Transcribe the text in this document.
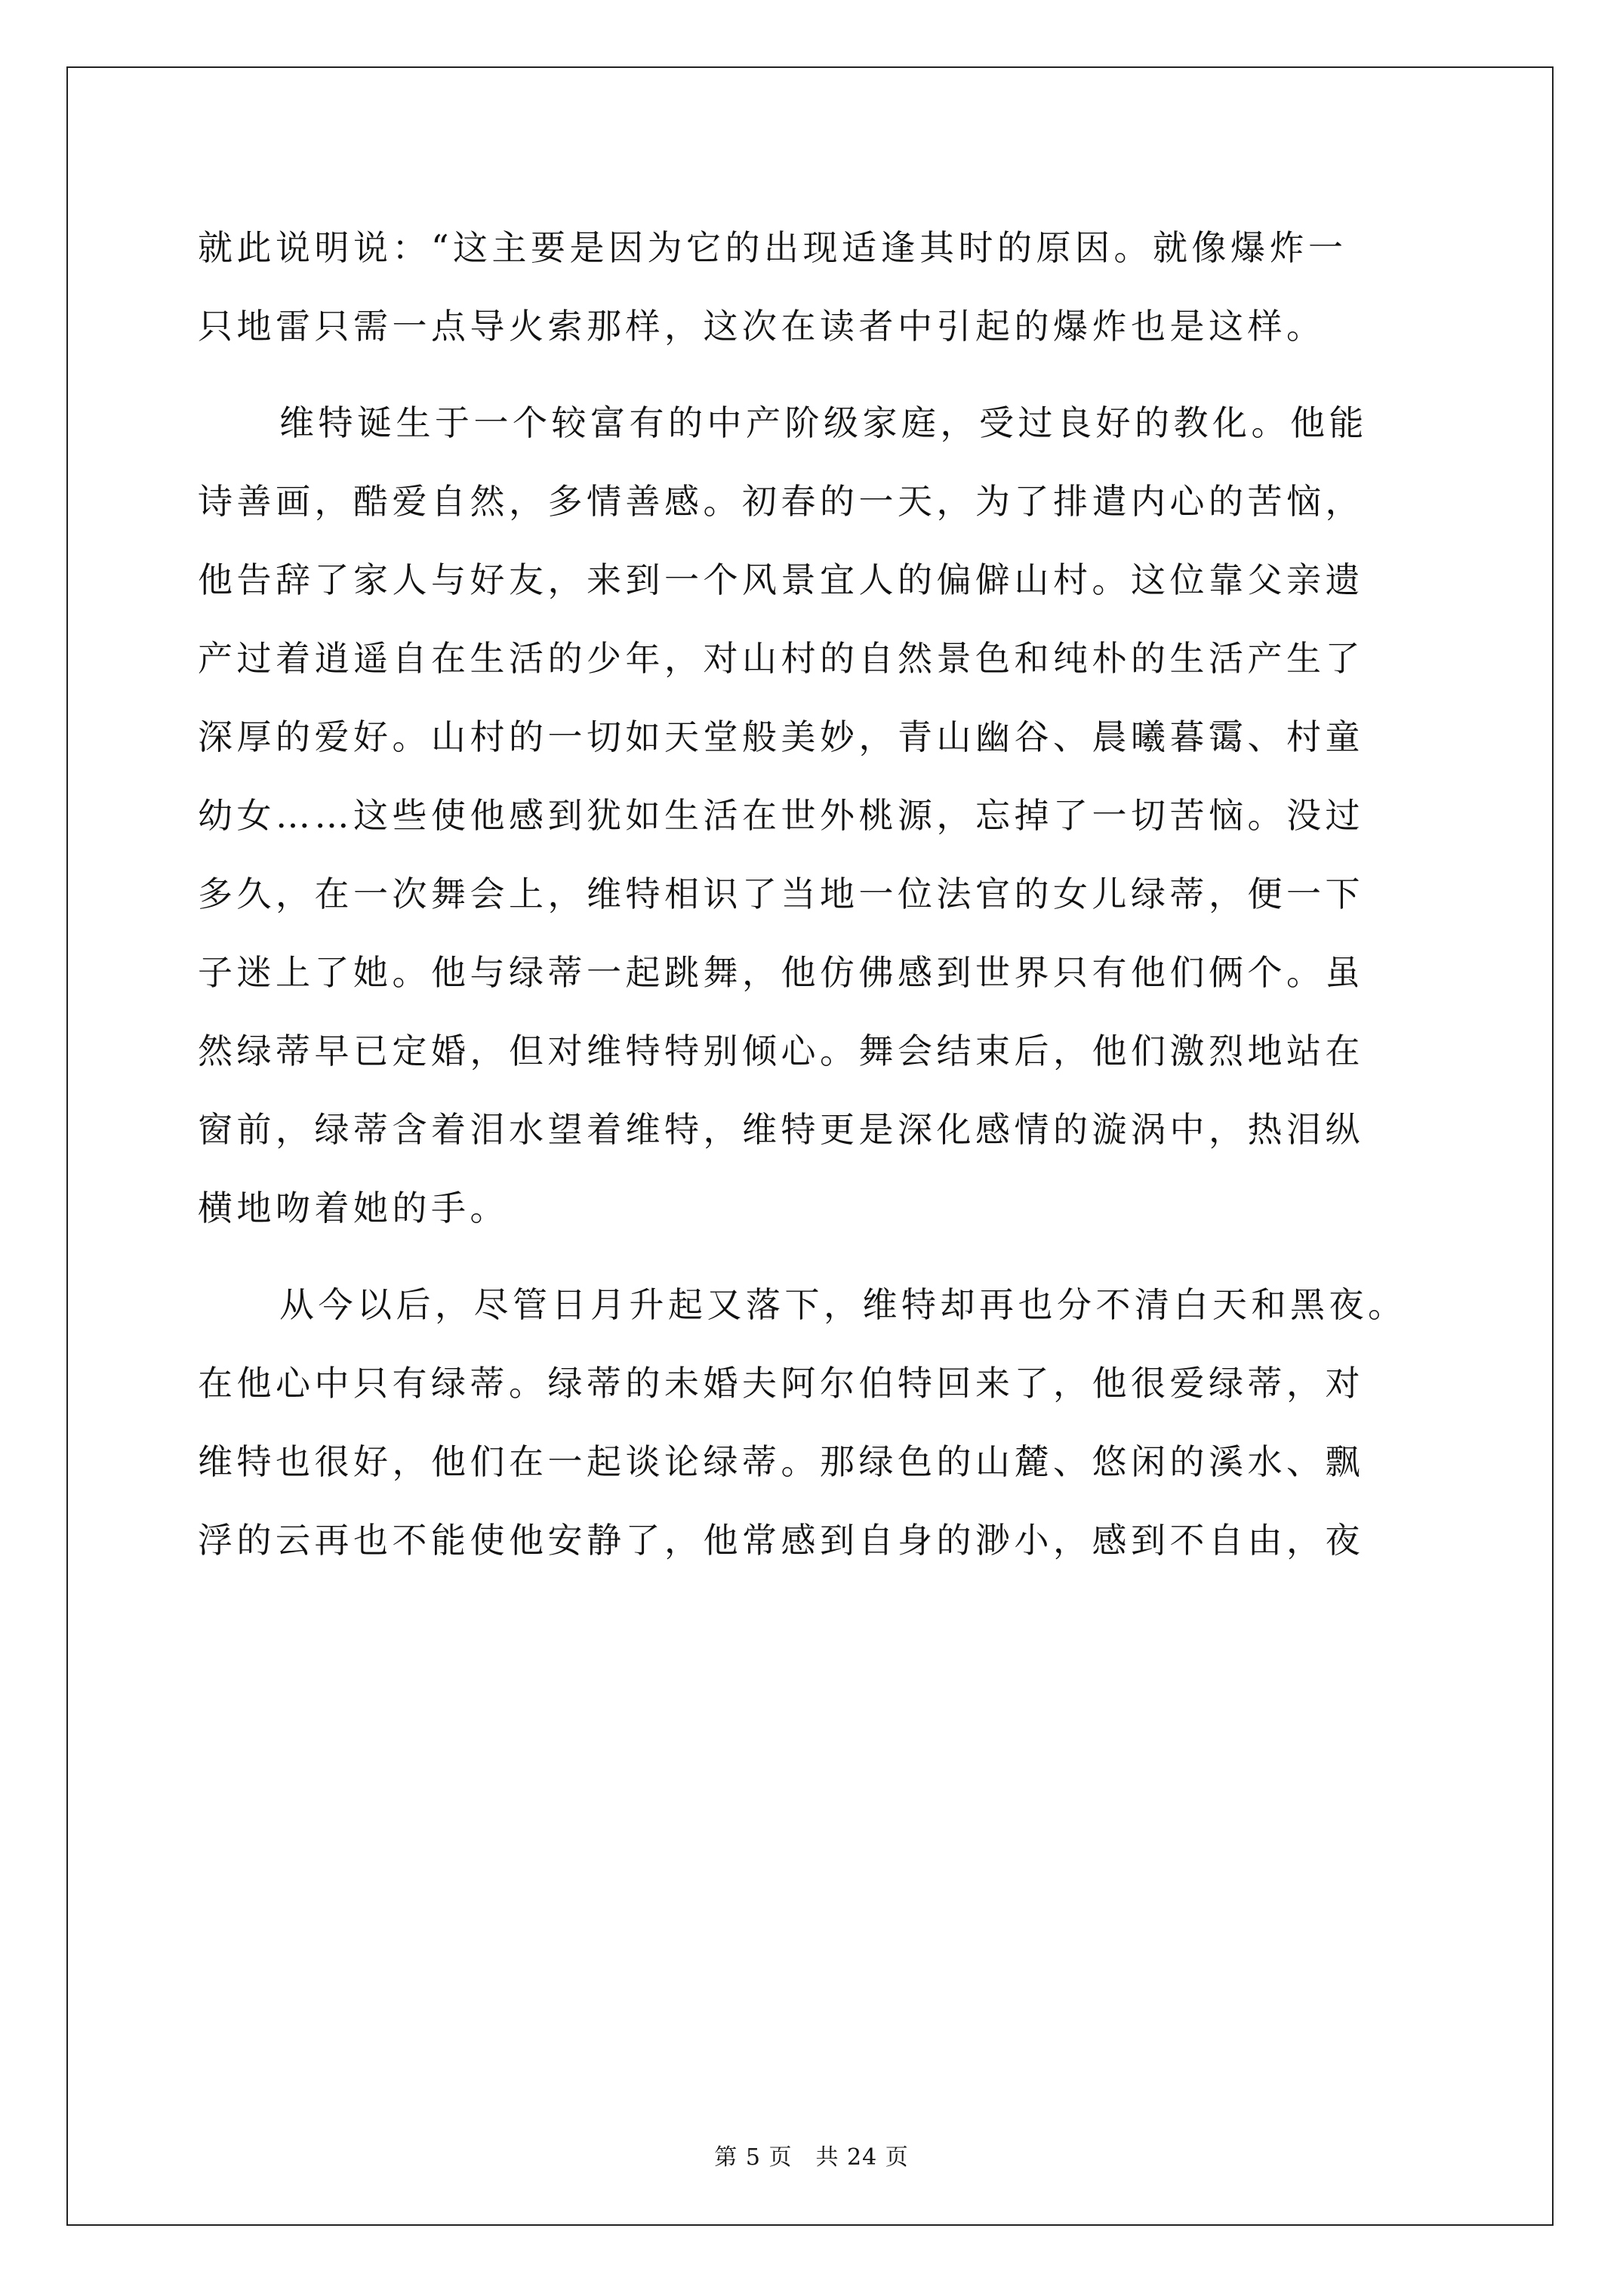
就此说明说：“这主要是因为它的出现适逢其时的原因。就像爆炸一
只地雷只需一点导火索那样，这次在读者中引起的爆炸也是这样。
维特诞生于一个较富有的中产阶级家庭，受过良好的教化。他能
诗善画，酷爱自然，多情善感。初春的一天，为了排遣内心的苦恼，
他告辞了家人与好友，来到一个风景宜人的偏僻山村。这位靠父亲遗
产过着逍遥自在生活的少年，对山村的自然景色和纯朴的生活产生了
深厚的爱好。山村的一切如天堂般美妙，青山幽谷、晨曦暮霭、村童
幼女……这些使他感到犹如生活在世外桃源，忘掉了一切苦恼。没过
多久，在一次舞会上，维特相识了当地一位法官的女儿绿蒂，便一下
子迷上了她。他与绿蒂一起跳舞，他仿佛感到世界只有他们俩个。虽
然绿蒂早已定婚，但对维特特别倾心。舞会结束后，他们激烈地站在
窗前，绿蒂含着泪水望着维特，维特更是深化感情的漩涡中，热泪纵
横地吻着她的手。
从今以后，尽管日月升起又落下，维特却再也分不清白天和黑夜。
在他心中只有绿蒂。绿蒂的未婚夫阿尔伯特回来了，他很爱绿蒂，对
维特也很好，他们在一起谈论绿蒂。那绿色的山麓、悠闲的溪水、飘
浮的云再也不能使他安静了，他常感到自身的渺小，感到不自由，夜
第 5 页　共 24 页
